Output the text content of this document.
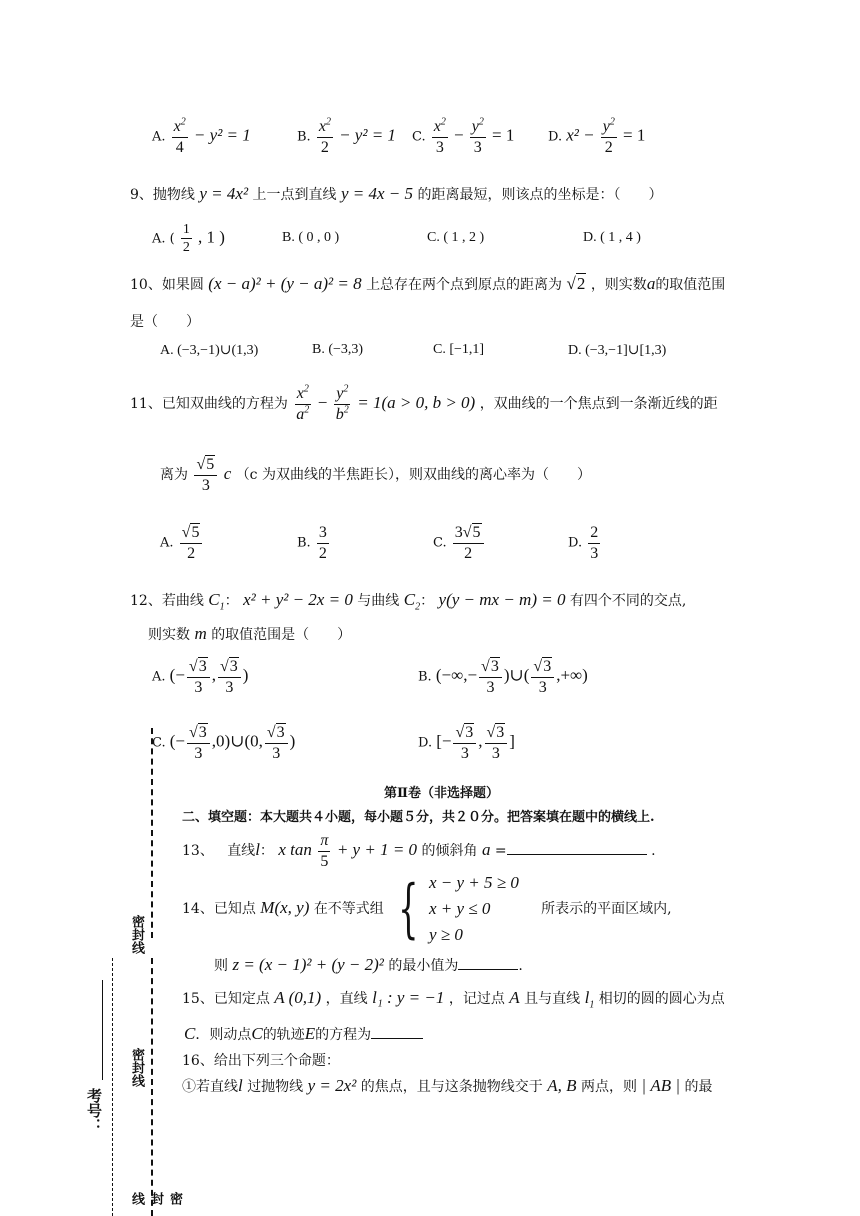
A. $\frac{x^2}{4} - y^2 = 1$	B. $\frac{x^2}{2} - y^2 = 1$ C. $\frac{x^2}{3} - \frac{y^2}{3} = 1$	D. $x^2 - \frac{y^2}{2} = 1$
9、抛物线 y = 4x² 上一点到直线 y = 4x − 5 的距离最短，则该点的坐标是：（　　）
A. ( $\frac{1}{2}$ , 1 )	B. ( 0 , 0 )	C. ( 1 , 2 )	D. ( 1 , 4 )
10、如果圆 (x − a)² + (y − a)² = 8 上总存在两个点到原点的距离为 √2 ，则实数a的取值范围
是（　　）
A. (−3,−1)∪(1,3)	B. (−3,3)	C. [−1,1]	D. (−3,−1]∪[1,3)
11、已知双曲线的方程为 $\frac{x^2}{a^2} - \frac{y^2}{b^2} = 1(a > 0$, b > 0) ，双曲线的一个焦点到一条渐近线的距
离为 $\frac{√5}{3}$ c （c 为双曲线的半焦距长），则双曲线的离心率为（　　）
A. $\frac{√5}{2}$	B. $\frac{3}{2}$	C. $\frac{3√5}{2}$	D. $\frac{2}{3}$
12、若曲线 $C_1$： x² + y² − 2x = 0 与曲线 $C_2$： y(y − mx − m) = 0 有四个不同的交点,
则实数 m 的取值范围是（　　）
A. (− $\frac{√3}{3}$ , $\frac{√3}{3}$ )	B. (−∞,− $\frac{√3}{3}$ )∪( $\frac{√3}{3}$ ,+∞)
C. (− $\frac{√3}{3}$ ,0)∪(0, $\frac{√3}{3}$ )	D. [− $\frac{√3}{3}$ , $\frac{√3}{3}$ ]
第Ⅱ卷（非选择题）
二、填空题：本大题共４小题，每小题５分，共２０分。把答案填在题中的横线上.
13、 直线l： x $\tan \frac{\pi}{5} + y + 1 = 0$ 的倾斜角 a =	.
14、已知点 M(x, y) 在不等式组 { x − y + 5 ≥ 0
x + y ≤ 0
y ≥ 0
所表示的平面区域内,
则 z = (x − 1)² + (y − 2)² 的最小值为	.
15、已知定点 A (0,1) ，直线 l₁ : y = −1 ，记过点 A 且与直线 $l_1$ 相切的圆的圆心为点
C．则动点C的轨迹E的方程为
16、给出下列三个命题：
①若直线l 过抛物线 y = 2x² 的焦点，且与这条抛物线交于 A, B 两点，则 | AB | 的最
密封线
密封线
密封线
考号：
